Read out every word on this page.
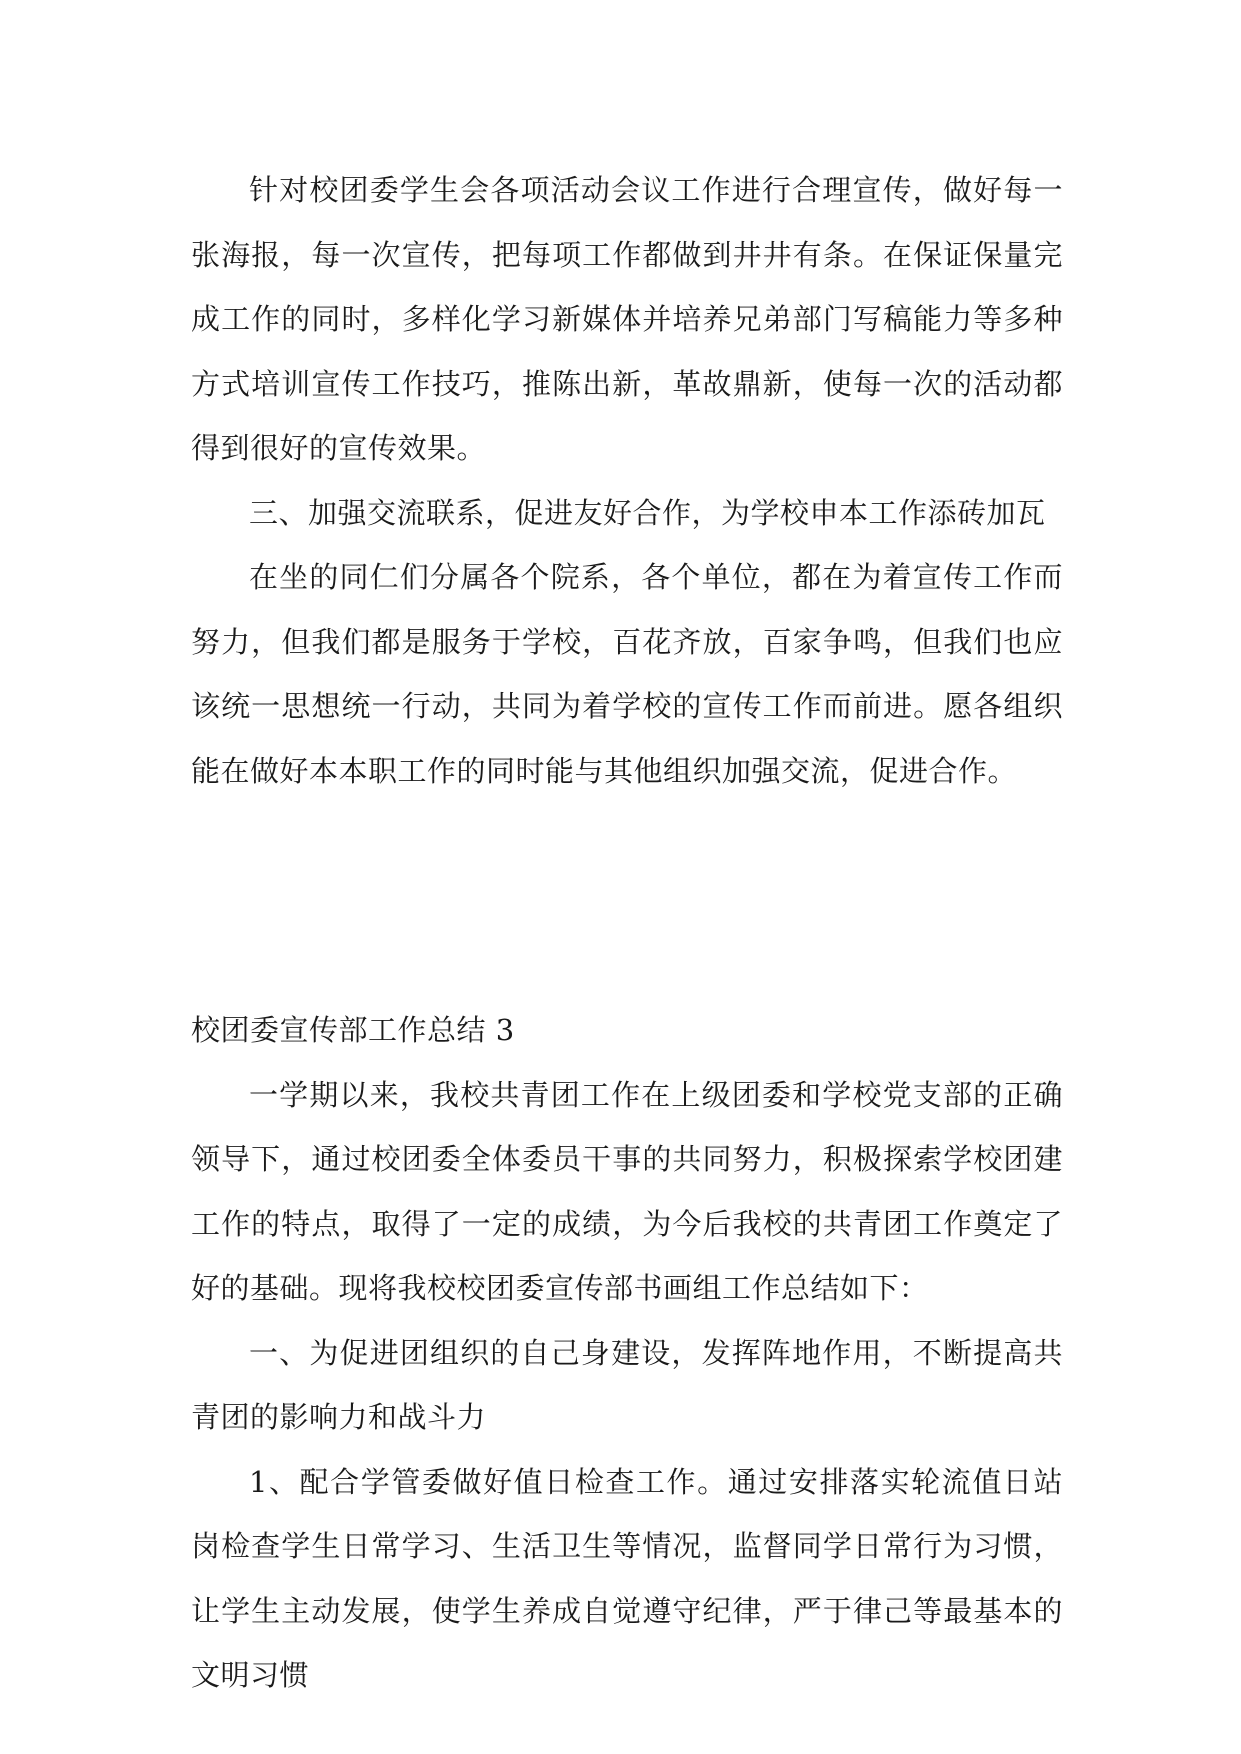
针对校团委学生会各项活动会议工作进行合理宣传，做好每一张海报，每一次宣传，把每项工作都做到井井有条。在保证保量完成工作的同时，多样化学习新媒体并培养兄弟部门写稿能力等多种方式培训宣传工作技巧，推陈出新，革故鼎新，使每一次的活动都得到很好的宣传效果。

三、加强交流联系，促进友好合作，为学校申本工作添砖加瓦

在坐的同仁们分属各个院系，各个单位，都在为着宣传工作而努力，但我们都是服务于学校，百花齐放，百家争鸣，但我们也应该统一思想统一行动，共同为着学校的宣传工作而前进。愿各组织能在做好本本职工作的同时能与其他组织加强交流，促进合作。

校团委宣传部工作总结 3

一学期以来，我校共青团工作在上级团委和学校党支部的正确领导下，通过校团委全体委员干事的共同努力，积极探索学校团建工作的特点，取得了一定的成绩，为今后我校的共青团工作奠定了好的基础。现将我校校团委宣传部书画组工作总结如下：

一、为促进团组织的自己身建设，发挥阵地作用，不断提高共青团的影响力和战斗力

1、配合学管委做好值日检查工作。通过安排落实轮流值日站岗检查学生日常学习、生活卫生等情况，监督同学日常行为习惯，让学生主动发展，使学生养成自觉遵守纪律，严于律己等最基本的文明习惯
